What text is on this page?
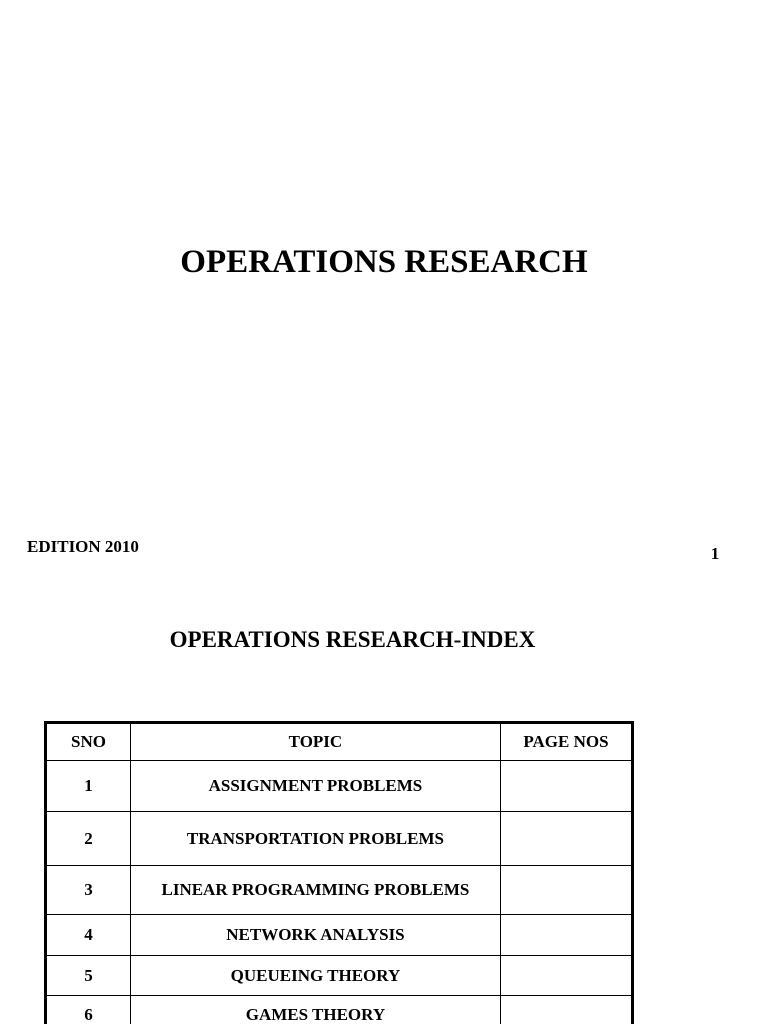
OPERATIONS RESEARCH
EDITION 2010	1
OPERATIONS RESEARCH-INDEX
SNO	TOPIC	PAGE NOS
1	ASSIGNMENT PROBLEMS	
2	TRANSPORTATION PROBLEMS	
3	LINEAR PROGRAMMING PROBLEMS	
4	NETWORK ANALYSIS	
5	QUEUEING THEORY	
6	GAMES THEORY	
